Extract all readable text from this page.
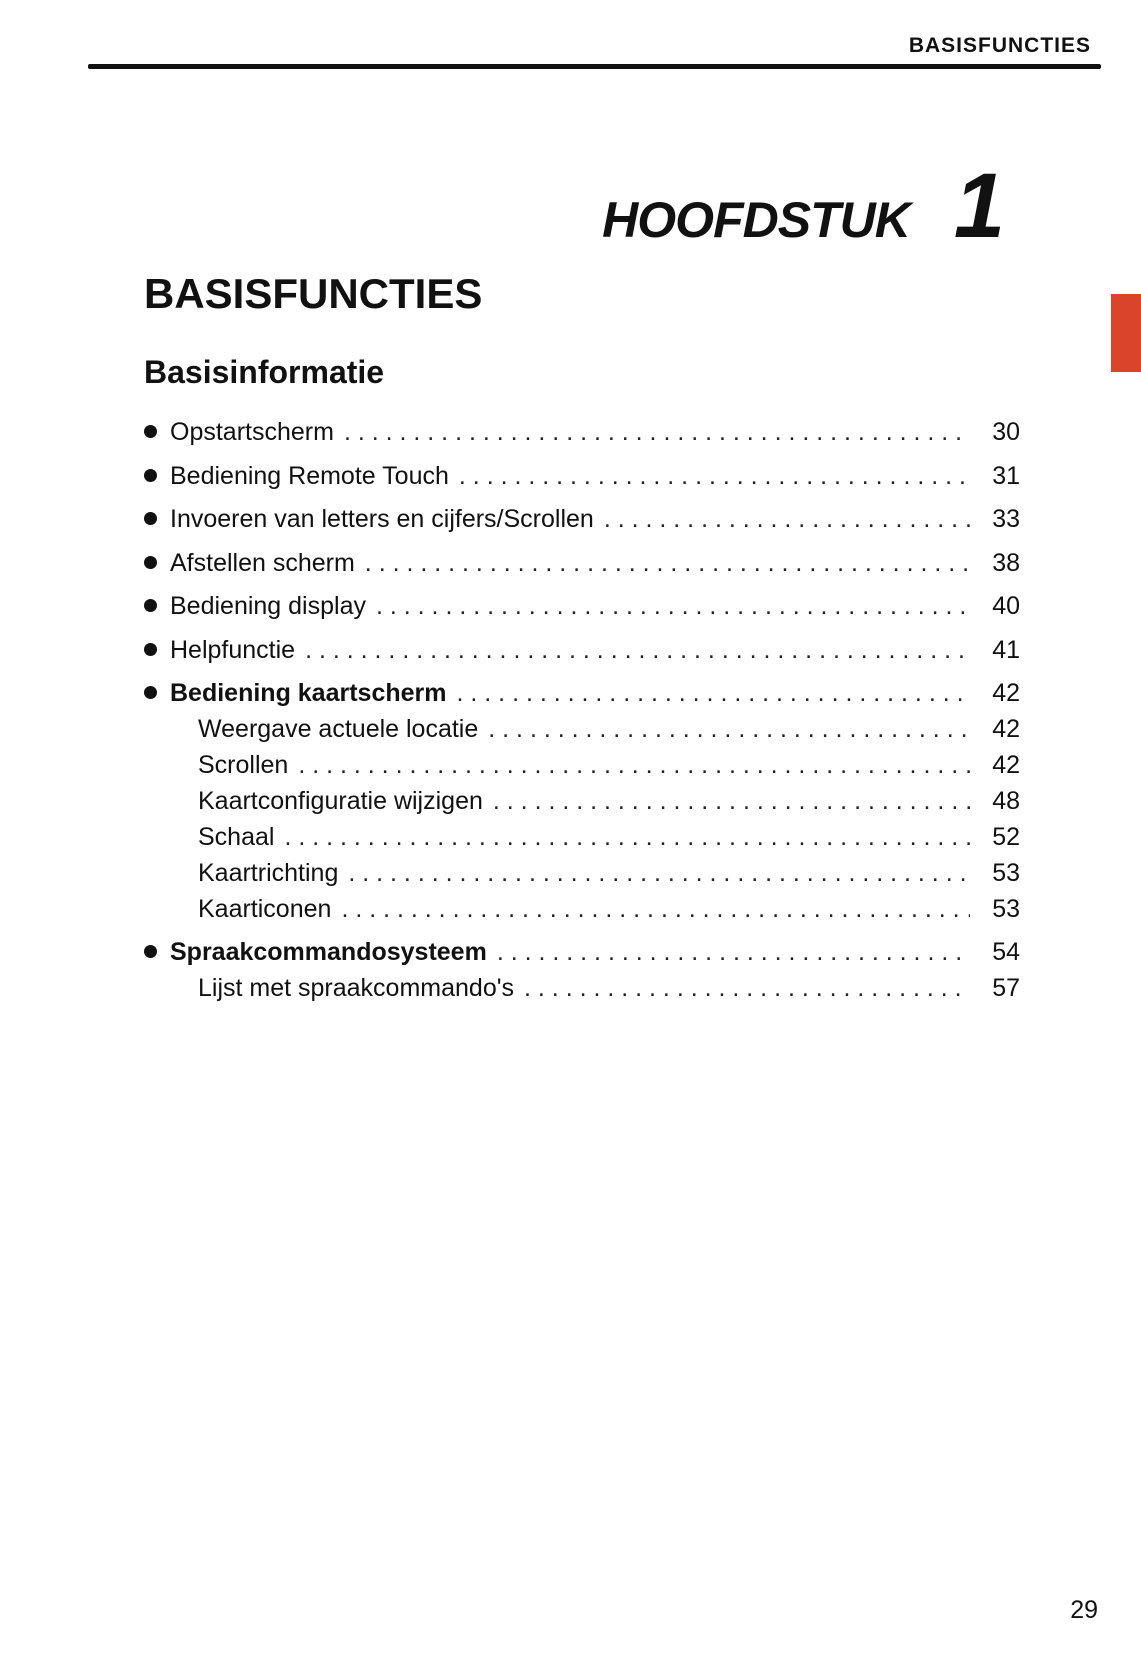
BASISFUNCTIES
HOOFDSTUK 1
BASISFUNCTIES
Basisinformatie
Opstartscherm . . .	30
Bediening Remote Touch . . .	31
Invoeren van letters en cijfers/Scrollen . . .	33
Afstellen scherm . . .	38
Bediening display . . .	40
Helpfunctie . . .	41
Bediening kaartscherm . . .	42
Weergave actuele locatie . . .	42
Scrollen . . .	42
Kaartconfiguratie wijzigen . . .	48
Schaal . . .	52
Kaartrichting . . .	53
Kaarticonen . . .	53
Spraakcommandosysteem . . .	54
Lijst met spraakcommando's . . .	57
29
